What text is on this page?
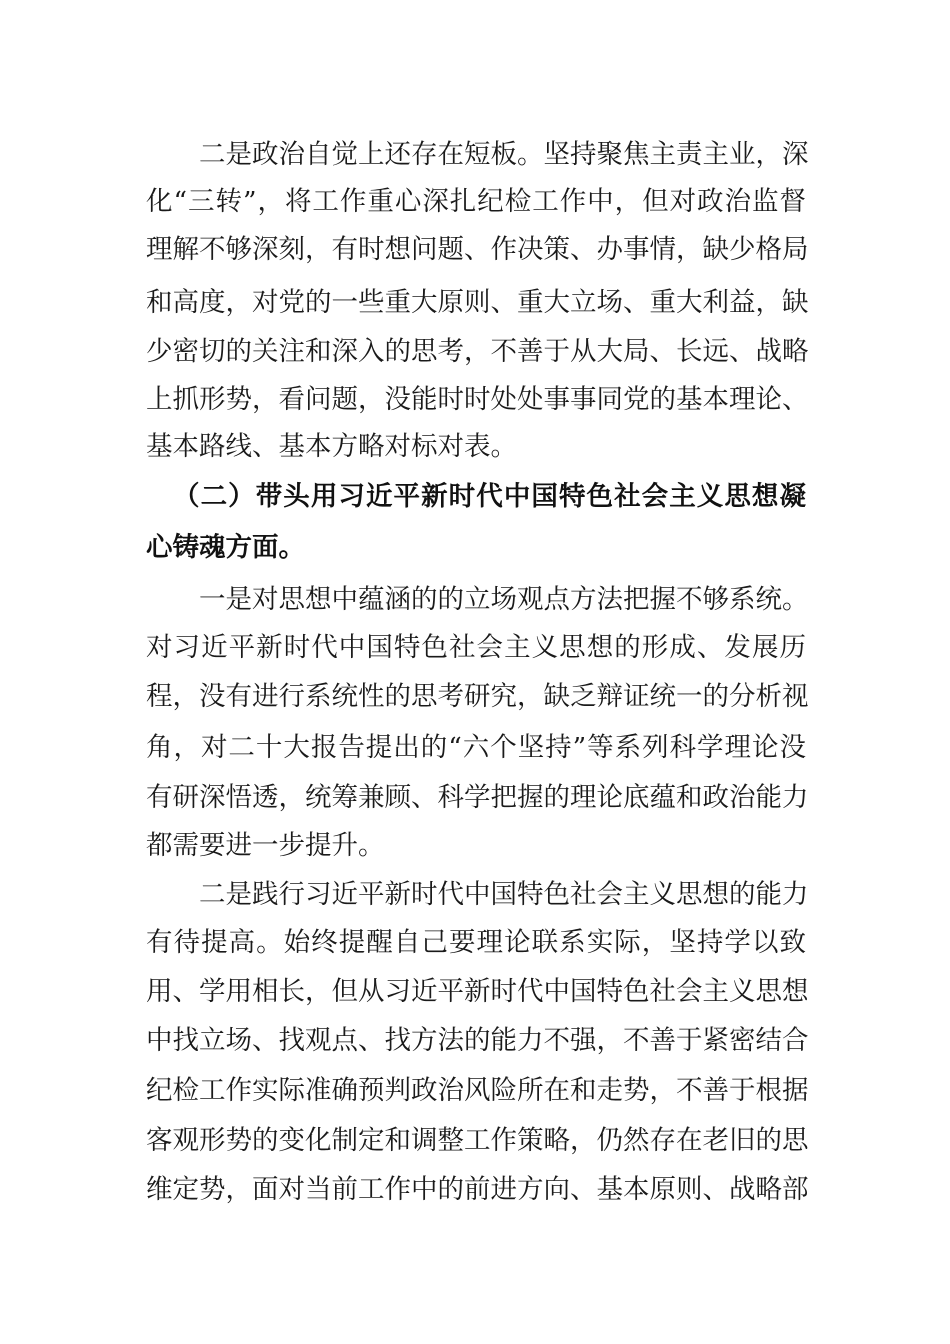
二是政治自觉上还存在短板。坚持聚焦主责主业，深
化“三转”，将工作重心深扎纪检工作中，但对政治监督
理解不够深刻，有时想问题、作决策、办事情，缺少格局
和高度，对党的一些重大原则、重大立场、重大利益，缺
少密切的关注和深入的思考，不善于从大局、长远、战略
上抓形势，看问题，没能时时处处事事同党的基本理论、
基本路线、基本方略对标对表。
（二）带头用习近平新时代中国特色社会主义思想凝
心铸魂方面。
一是对思想中蕴涵的的立场观点方法把握不够系统。
对习近平新时代中国特色社会主义思想的形成、发展历
程，没有进行系统性的思考研究，缺乏辩证统一的分析视
角，对二十大报告提出的“六个坚持”等系列科学理论没
有研深悟透，统筹兼顾、科学把握的理论底蕴和政治能力
都需要进一步提升。
二是践行习近平新时代中国特色社会主义思想的能力
有待提高。始终提醒自己要理论联系实际，坚持学以致
用、学用相长，但从习近平新时代中国特色社会主义思想
中找立场、找观点、找方法的能力不强，不善于紧密结合
纪检工作实际准确预判政治风险所在和走势，不善于根据
客观形势的变化制定和调整工作策略，仍然存在老旧的思
维定势，面对当前工作中的前进方向、基本原则、战略部
